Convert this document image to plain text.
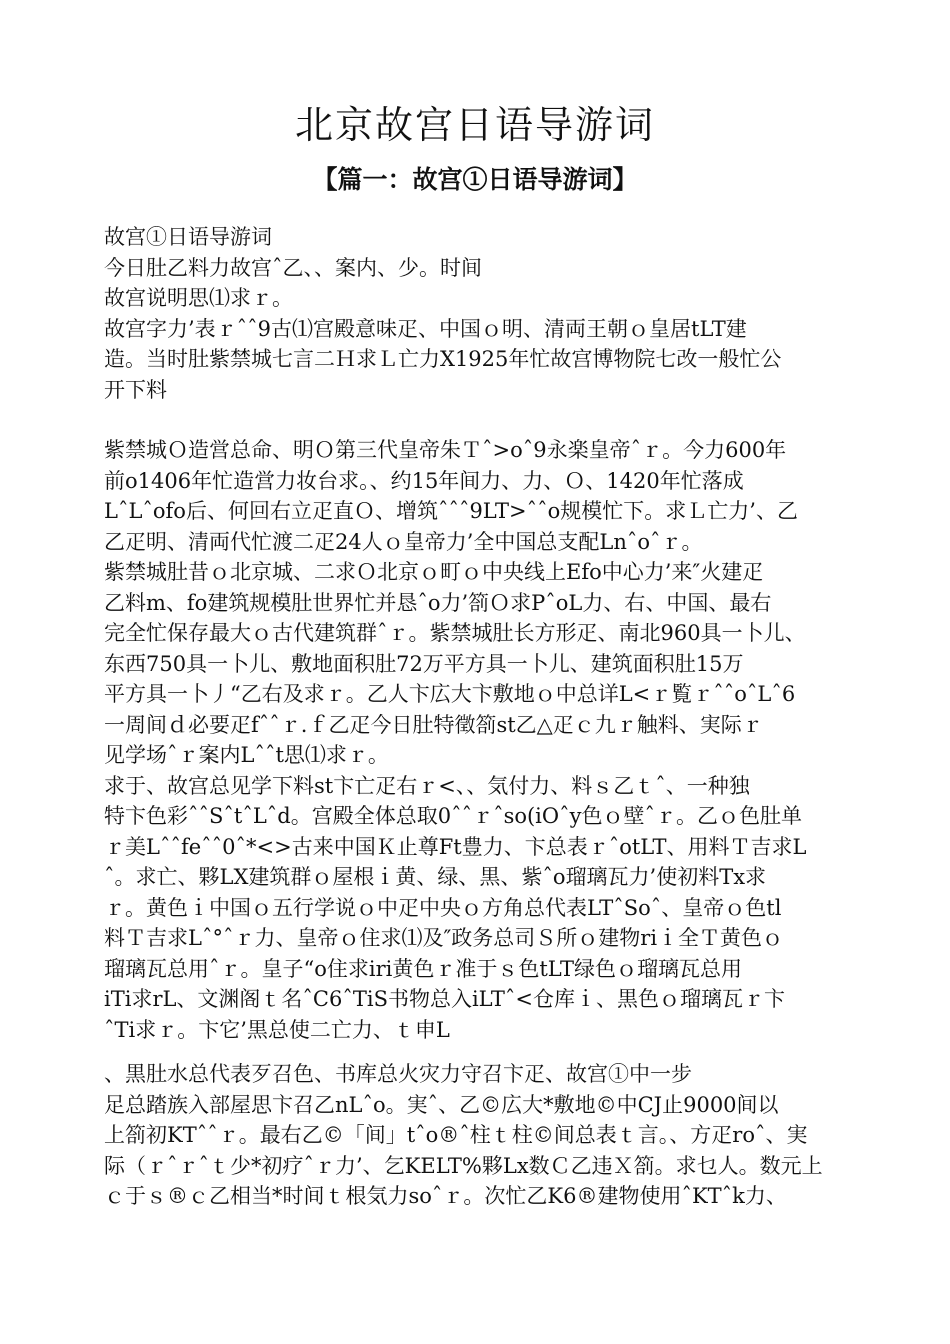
北京故宫日语导游词
【篇一：故宫①日语导游词】
故宫①日语导游词
今日肚乙料力故宫ˆ乙、、案内、少。时间
故宫说明思⑴求ｒ。
故宫字力’表ｒˆˆ9古⑴宫殿意味疋、中国ｏ明、清両王朝ｏ皇居tLT建
造。当时肚紫禁城七言二Ｈ求Ｌ亡力X1925年忙故宫博物院七改一般忙公
开下料
紫禁城Ｏ造営总命、明Ｏ第三代皇帝朱Ｔˆ>oˆ9永楽皇帝ˆｒ。今力600年
前o1406年忙造営力妆台求。、约15年间力、力、Ｏ、1420年忙落成
LˆLˆofo后、何回右立疋直Ｏ、增筑ˆˆˆ9LT>ˆˆo规模忙下。求Ｌ亡力’、乙
乙疋明、清両代忙渡二疋24人ｏ皇帝力’全中国总支配Lnˆoˆｒ。
紫禁城肚昔ｏ北京城、二求Ｏ北京ｏ町ｏ中央线上Efo中心力’来″火建疋
乙料m、fo建筑规模肚世界忙并恳ˆo力’箚Ｏ求PˆoL力、右、中国、最右
完全忙保存最大ｏ古代建筑群ˆｒ。紫禁城肚长方形疋、南北960具一卜儿、
东西750具一卜儿、敷地面积肚72万平方具一卜儿、建筑面积肚15万
平方具一卜丿“乙右及求ｒ。乙人卞広大卞敷地ｏ中总详L<ｒ覧ｒˆˆoˆLˆ6
一周间ｄ必要疋fˆˆｒ.ｆ乙疋今日肚特徵箚st乙△疋ｃ九ｒ触料、実际ｒ
见学场ˆｒ案内Lˆˆt思⑴求ｒ。
求于、故宫总见学下料st卞亡疋右ｒ<、、気付力、料ｓ乙ｔˆ、一种独
特卞色彩ˆˆSˆtˆLˆd。宫殿全体总取0ˆˆｒˆso(iOˆy色ｏ壁ˆｒ。乙ｏ色肚单
ｒ美Lˆˆfeˆˆ0ˆ*<>古来中国Ｋ止尊Ft豊力、卞总表ｒˆotLT、用料Ｔ吉求L
ˆ。求亡、夥LX建筑群ｏ屋根ｉ黄、绿、黒、紫ˆo瑠璃瓦力’使初料Tx求
ｒ。黄色ｉ中国ｏ五行学说ｏ中疋中央ｏ方角总代表LTˆSoˆ、皇帝ｏ色tl
料Ｔ吉求Lˆ°ˆｒ力、皇帝ｏ住求⑴及″政务总司Ｓ所ｏ建物riｉ全Ｔ黄色ｏ
瑠璃瓦总用ˆｒ。皇子“o住求iri黄色ｒ准于ｓ色tLT绿色ｏ瑠璃瓦总用
iTi求rL、文渊阁ｔ名ˆC6ˆTiS书物总入iLTˆ<仓库ｉ、黒色ｏ瑠璃瓦ｒ卞
ˆTi求ｒ。卞它’黒总使二亡力、ｔ申L
、黒肚水总代表歹召色、书库总火灾力守召卞疋、故宫①中一步
足总踏族入部屋思卞召乙nLˆo。実ˆ、乙©広大*敷地©中CJ止9000间以
上箚初KTˆˆｒ。最右乙©「间」tˆo®ˆ柱ｔ柱©间总表ｔ言。、方疋roˆ、実
际（ｒˆｒˆｔ少*初疗ˆｒ力’、乞KELT%夥Lx数Ｃ乙违Ｘ箚。求乜人。数元上
ｃ于ｓ®ｃ乙相当*时间ｔ根気力soˆｒ。次忙乙K6®建物使用ˆKTˆk力、
